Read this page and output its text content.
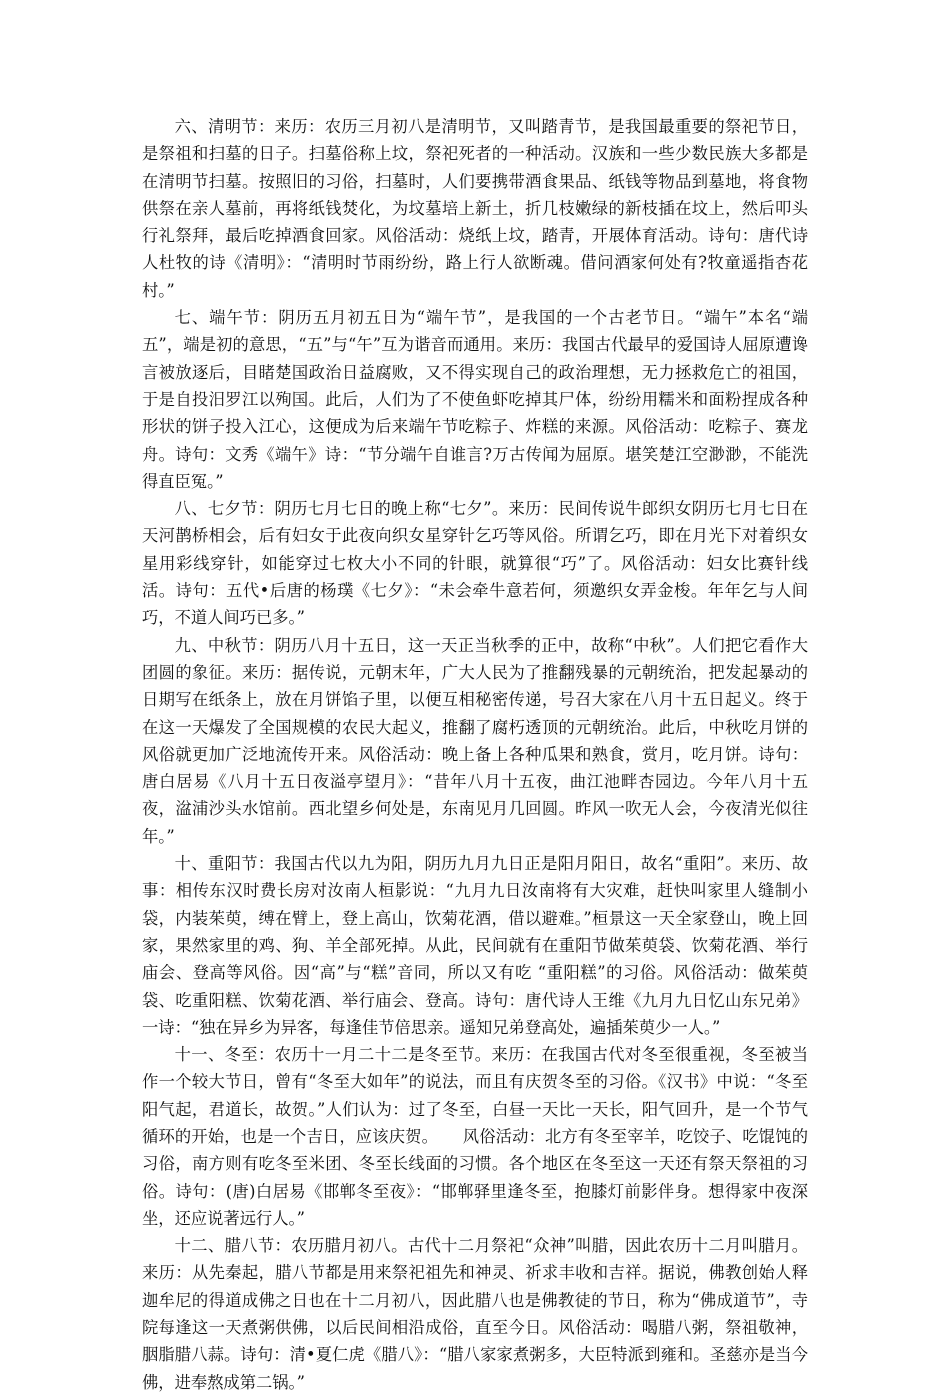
六、清明节：来历：农历三月初八是清明节，又叫踏青节，是我国最重要的祭祀节日，是祭祖和扫墓的日子。扫墓俗称上坟，祭祀死者的一种活动。汉族和一些少数民族大多都是在清明节扫墓。按照旧的习俗，扫墓时，人们要携带酒食果品、纸钱等物品到墓地，将食物供祭在亲人墓前，再将纸钱焚化，为坟墓培上新土，折几枝嫩绿的新枝插在坟上，然后叩头行礼祭拜，最后吃掉酒食回家。风俗活动：烧纸上坟，踏青，开展体育活动。诗句：唐代诗人杜牧的诗《清明》：“清明时节雨纷纷，路上行人欲断魂。借问酒家何处有?牧童遥指杏花村。”

七、端午节：阴历五月初五日为“端午节”，是我国的一个古老节日。“端午”本名“端五”，端是初的意思，“五”与“午”互为谐音而通用。来历：我国古代最早的爱国诗人屈原遭谗言被放逐后，目睹楚国政治日益腐败，又不得实现自己的政治理想，无力拯救危亡的祖国，于是自投汨罗江以殉国。此后，人们为了不使鱼虾吃掉其尸体，纷纷用糯米和面粉捏成各种形状的饼子投入江心，这便成为后来端午节吃粽子、炸糕的来源。风俗活动：吃粽子、赛龙舟。诗句：文秀《端午》诗：“节分端午自谁言?万古传闻为屈原。堪笑楚江空渺渺，不能洗得直臣冤。”

八、七夕节：阴历七月七日的晚上称“七夕”。来历：民间传说牛郎织女阴历七月七日在天河鹊桥相会，后有妇女于此夜向织女星穿针乞巧等风俗。所谓乞巧，即在月光下对着织女星用彩线穿针，如能穿过七枚大小不同的针眼，就算很“巧”了。风俗活动：妇女比赛针线活。诗句：五代•后唐的杨璞《七夕》：“未会牵牛意若何，须邀织女弄金梭。年年乞与人间巧，不道人间巧已多。”

九、中秋节：阴历八月十五日，这一天正当秋季的正中，故称“中秋”。人们把它看作大团圆的象征。来历：据传说，元朝末年，广大人民为了推翻残暴的元朝统治，把发起暴动的日期写在纸条上，放在月饼馅子里，以便互相秘密传递，号召大家在八月十五日起义。终于在这一天爆发了全国规模的农民大起义，推翻了腐朽透顶的元朝统治。此后，中秋吃月饼的风俗就更加广泛地流传开来。风俗活动：晚上备上各种瓜果和熟食，赏月，吃月饼。诗句：唐白居易《八月十五日夜溢亭望月》：“昔年八月十五夜，曲江池畔杏园边。今年八月十五夜，湓浦沙头水馆前。西北望乡何处是，东南见月几回圆。昨风一吹无人会，今夜清光似往年。”

十、重阳节：我国古代以九为阳，阴历九月九日正是阳月阳日，故名“重阳”。来历、故事：相传东汉时费长房对汝南人桓影说：“九月九日汝南将有大灾难，赶快叫家里人缝制小袋，内装茱萸，缚在臂上，登上高山，饮菊花酒，借以避难。”桓景这一天全家登山，晚上回家，果然家里的鸡、狗、羊全部死掉。从此，民间就有在重阳节做茱萸袋、饮菊花酒、举行庙会、登高等风俗。因“高”与“糕”音同，所以又有吃 “重阳糕”的习俗。风俗活动：做茱萸袋、吃重阳糕、饮菊花酒、举行庙会、登高。诗句：唐代诗人王维《九月九日忆山东兄弟》一诗：“独在异乡为异客，每逢佳节倍思亲。遥知兄弟登高处，遍插茱萸少一人。”

十一、冬至：农历十一月二十二是冬至节。来历：在我国古代对冬至很重视，冬至被当作一个较大节日，曾有“冬至大如年”的说法，而且有庆贺冬至的习俗。《汉书》中说：“冬至阳气起，君道长，故贺。”人们认为：过了冬至，白昼一天比一天长，阳气回升，是一个节气循环的开始，也是一个吉日，应该庆贺。　　风俗活动：北方有冬至宰羊，吃饺子、吃馄饨的习俗，南方则有吃冬至米团、冬至长线面的习惯。各个地区在冬至这一天还有祭天祭祖的习俗。诗句：(唐)白居易《邯郸冬至夜》：“邯郸驿里逢冬至，抱膝灯前影伴身。想得家中夜深坐，还应说著远行人。”

十二、腊八节：农历腊月初八。古代十二月祭祀“众神”叫腊，因此农历十二月叫腊月。来历：从先秦起，腊八节都是用来祭祀祖先和神灵、祈求丰收和吉祥。据说，佛教创始人释迦牟尼的得道成佛之日也在十二月初八，因此腊八也是佛教徒的节日，称为“佛成道节”，寺院每逢这一天煮粥供佛，以后民间相沿成俗，直至今日。风俗活动：喝腊八粥，祭祖敬神，胭脂腊八蒜。诗句：清•夏仁虎《腊八》：“腊八家家煮粥多，大臣特派到雍和。圣慈亦是当今佛，进奉熬成第二锅。”
